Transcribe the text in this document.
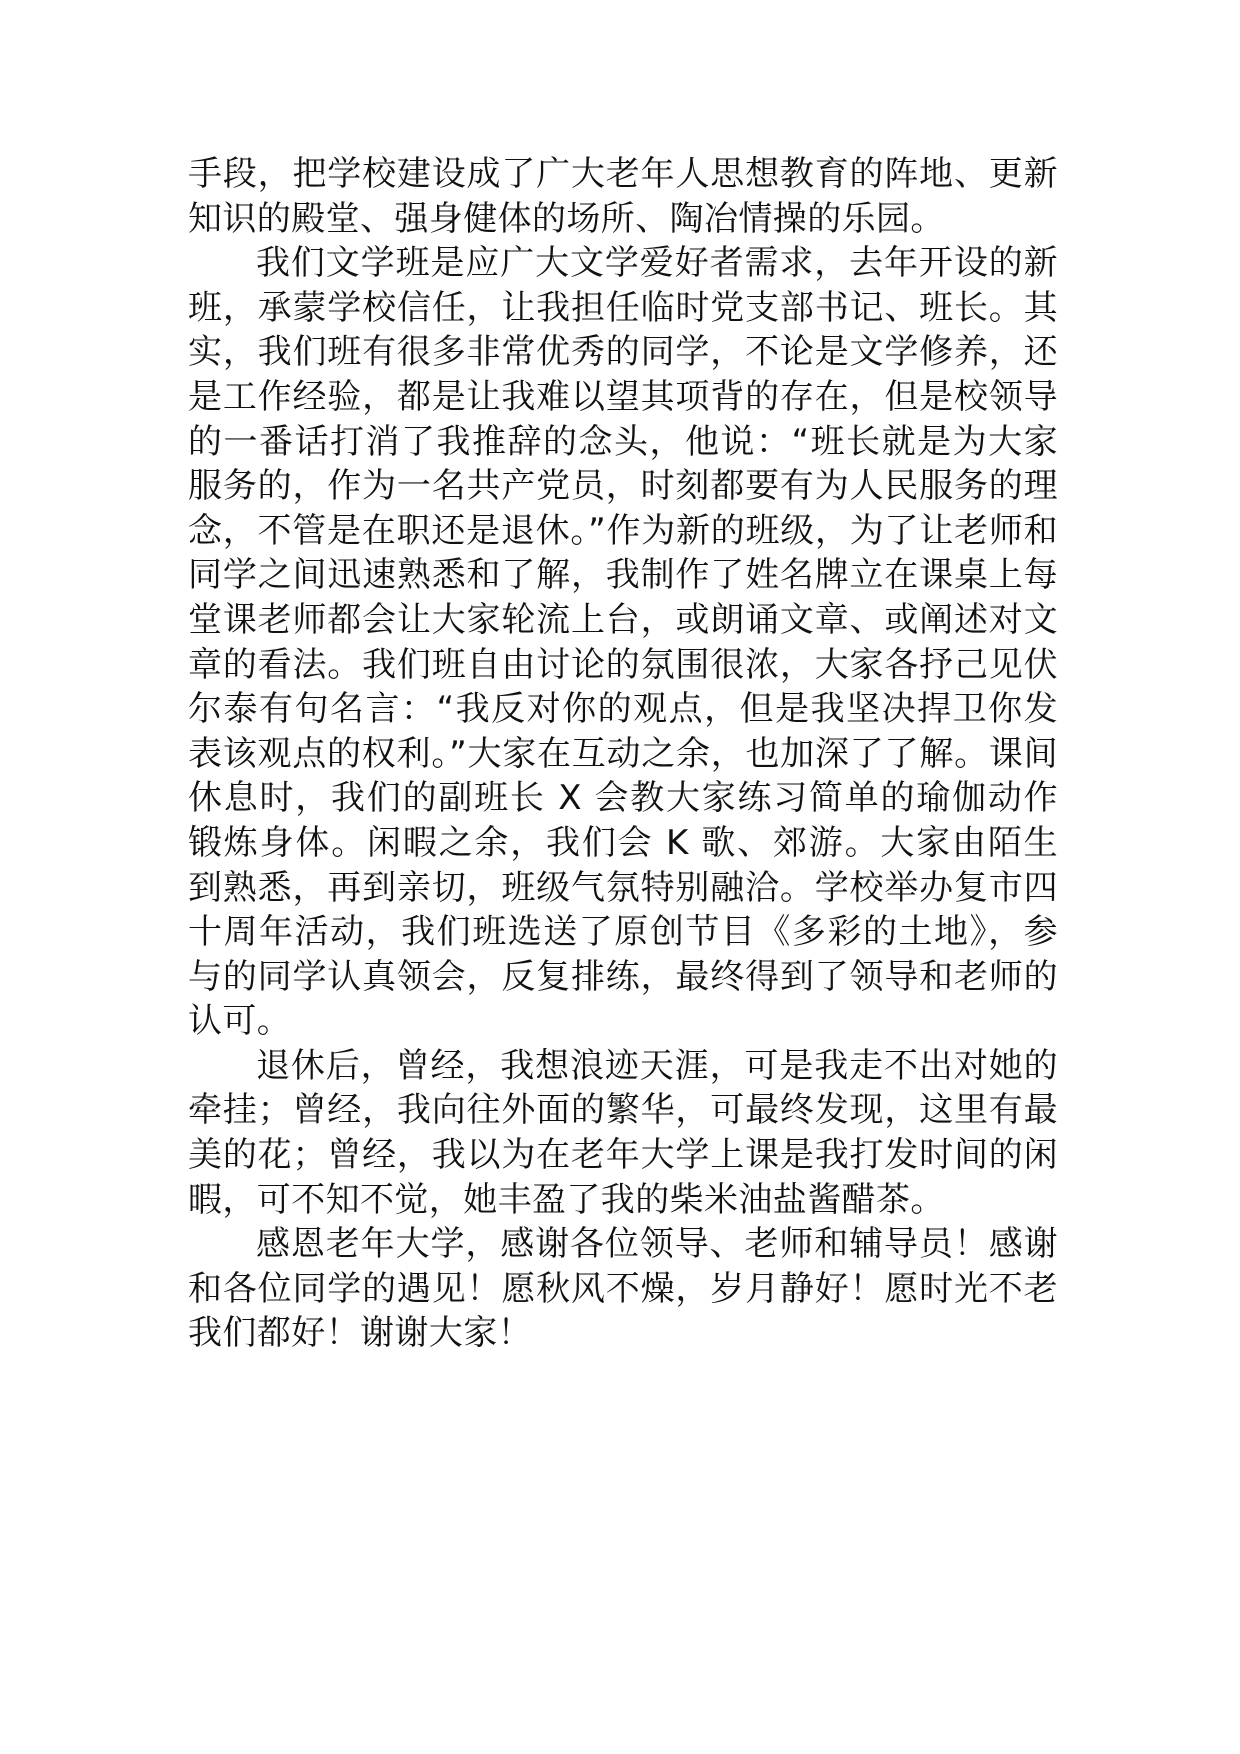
手段，把学校建设成了广大老年人思想教育的阵地、更新知识的殿堂、强身健体的场所、陶冶情操的乐园。

我们文学班是应广大文学爱好者需求，去年开设的新班，承蒙学校信任，让我担任临时党支部书记、班长。其实，我们班有很多非常优秀的同学，不论是文学修养，还是工作经验，都是让我难以望其项背的存在，但是校领导的一番话打消了我推辞的念头，他说：“班长就是为大家服务的，作为一名共产党员，时刻都要有为人民服务的理念，不管是在职还是退休。”作为新的班级，为了让老师和同学之间迅速熟悉和了解，我制作了姓名牌立在课桌上每堂课老师都会让大家轮流上台，或朗诵文章、或阐述对文章的看法。我们班自由讨论的氛围很浓，大家各抒己见伏尔泰有句名言：“我反对你的观点，但是我坚决捍卫你发表该观点的权利。”大家在互动之余，也加深了了解。课间休息时，我们的副班长 X 会教大家练习简单的瑜伽动作锻炼身体。闲暇之余，我们会 K 歌、郊游。大家由陌生到熟悉，再到亲切，班级气氛特别融洽。学校举办复市四十周年活动，我们班选送了原创节目《多彩的土地》，参与的同学认真领会，反复排练，最终得到了领导和老师的认可。

退休后，曾经，我想浪迹天涯，可是我走不出对她的牵挂；曾经，我向往外面的繁华，可最终发现，这里有最美的花；曾经，我以为在老年大学上课是我打发时间的闲暇，可不知不觉，她丰盈了我的柴米油盐酱醋茶。

感恩老年大学，感谢各位领导、老师和辅导员！感谢和各位同学的遇见！愿秋风不燥，岁月静好！愿时光不老我们都好！谢谢大家！
